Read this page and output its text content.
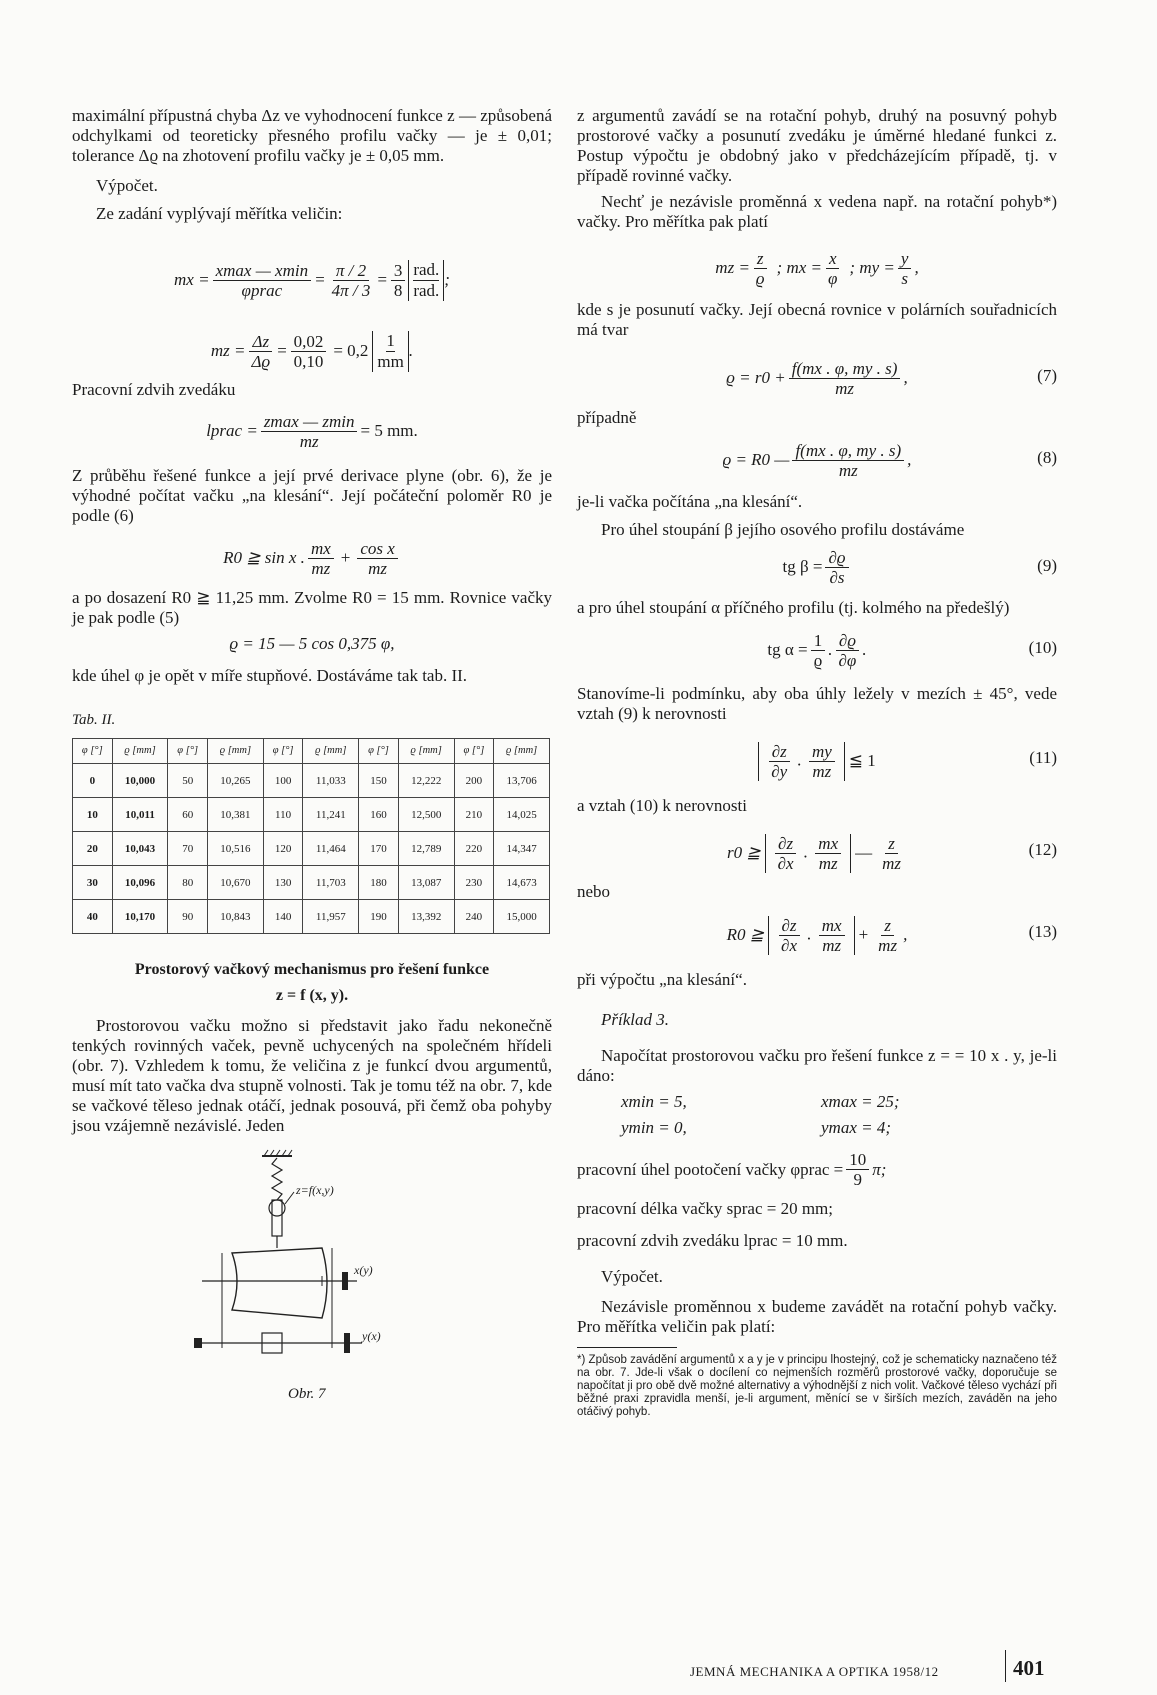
maximální přípustná chyba Δz ve vyhodnocení funkce z — způsobená odchylkami od teoreticky přesného profilu vačky — je ± 0,01; tolerance Δϱ na zhotovení profilu vačky je ± 0,05 mm.

Výpočet.

Ze zadání vyplývají měřítka veličin:

mx = $\frac{xmax — xmin}{\text{φprac}} = \frac{\pi / 2}{4\pi / 3} = \frac{3}{8}$ rad.
rad.
;
mz = $\frac{\Delta z}{\Delta ϱ} = \frac{0,02}{0,10} = 0,2$
1
mm
.

Pracovní zdvih zvedáku

lprac = $\frac{zmax — zmin}{mz} = 5$ mm.

Z průběhu řešené funkce a její prvé derivace plyne (obr. 6), že je výhodné počítat vačku „na klesání“. Její počáteční poloměr R0 je podle (6)

R0 ≧ sin x . $\frac{mx}{mz} + \frac{\text{cos x}}{mz}$

a po dosazení R0 ≧ 11,25 mm. Zvolme R0 = 15 mm. Rovnice vačky je pak podle (5)

ϱ = 15 — 5 cos 0,375 φ,

kde úhel φ je opět v míře stupňové. Dostáváme tak tab. II.

Tab. II.

φ [°]	ϱ [mm]	φ [°]	ϱ [mm]	φ [°]	ϱ [mm]	φ [°]	ϱ [mm]	φ [°]	ϱ [mm]
0	10,000	50	10,265	100	11,033	150	12,222	200	13,706
10	10,011	60	10,381	110	11,241	160	12,500	210	14,025
20	10,043	70	10,516	120	11,464	170	12,789	220	14,347
30	10,096	80	10,670	130	11,703	180	13,087	230	14,673
40	10,170	90	10,843	140	11,957	190	13,392	240	15,000

Prostorový vačkový mechanismus pro řešení funkce

z = f (x, y).

Prostorovou vačku možno si představit jako řadu nekonečně tenkých rovinných vaček, pevně uchycených na společném hřídeli (obr. 7). Vzhledem k tomu, že veličina z je funkcí dvou argumentů, musí mít tato vačka dva stupně volnosti. Tak je tomu též na obr. 7, kde se vačkové těleso jednak otáčí, jednak posouvá, při čemž oba pohyby jsou vzájemně nezávislé. Jeden

z=f(x,y)
x(y)
y(x)
Obr. 7

z argumentů zavádí se na rotační pohyb, druhý na posuvný pohyb prostorové vačky a posunutí zvedáku je úměrné hledané funkci z. Postup výpočtu je obdobný jako v předcházejícím případě, tj. v případě rovinné vačky.

Nechť je nezávisle proměnná x vedena např. na rotační pohyb*) vačky. Pro měřítka pak platí

mz = $\frac{z}{ϱ}$ ; mx = $\frac{x}{\varphi}$ ; my = $\frac{y}{s}$ ,

kde s je posunutí vačky. Její obecná rovnice v polárních souřadnicích má tvar

$ϱ = r0 + \frac{f(mx . \varphi, my . s)}{mz}$ ,	(7)

případně

ϱ = R0 — $\frac{f(mx . \varphi, my . s)}{mz}$ ,	(8)

je-li vačka počítána „na klesání“.

Pro úhel stoupání β jejího osového profilu dostáváme

tg $\beta = \frac{\partial ϱ}{\partial s}$	(9)

a pro úhel stoupání α příčného profilu (tj. kolmého na předešlý)

tg $\alpha = \frac{1}{ϱ}$ . $\frac{\partial ϱ}{\partial\varphi}$ .	(10)

Stanovíme-li podmínku, aby oba úhly ležely v mezích ± 45°, vede vztah (9) k nerovnosti

$\frac{\partial z}{\partial y}$ . $\frac{my}{mz}$ ≦ 1	(11)

a vztah (10) k nerovnosti

r0 ≧ $\frac{\partial z}{\partial x}$ . $\frac{mx}{mz}$ — $\frac{z}{mz}$	(12)

nebo

R0 ≧ $\frac{\partial z}{\partial x}$ . $\frac{mx}{mz} + \frac{z}{mz}$ ,	(13)

při výpočtu „na klesání“.

Příklad 3.

Napočítat prostorovou vačku pro řešení funkce z = = 10 x . y, je-li dáno:

xmin = 5,	xmax = 25;
ymin = 0,	ymax = 4;
pracovní úhel pootočení vačky φprac = $\frac{10}{9} \pi$;

pracovní délka vačky sprac = 20 mm;

pracovní zdvih zvedáku lprac = 10 mm.

Výpočet.

Nezávisle proměnnou x budeme zavádět na rotační pohyb vačky. Pro měřítka veličin pak platí:

*) Způsob zavádění argumentů x a y je v principu lhostejný, což je schematicky naznačeno též na obr. 7. Jde-li však o docílení co nejmenších rozměrů prostorové vačky, doporučuje se napočítat ji pro obě dvě možné alternativy a výhodnější z nich volit. Vačkové těleso vychází při běžné praxi zpravidla menší, je-li argument, měnící se v širších mezích, zaváděn na jeho otáčivý pohyb.

JEMNÁ MECHANIKA A OPTIKA 1958/12	401
